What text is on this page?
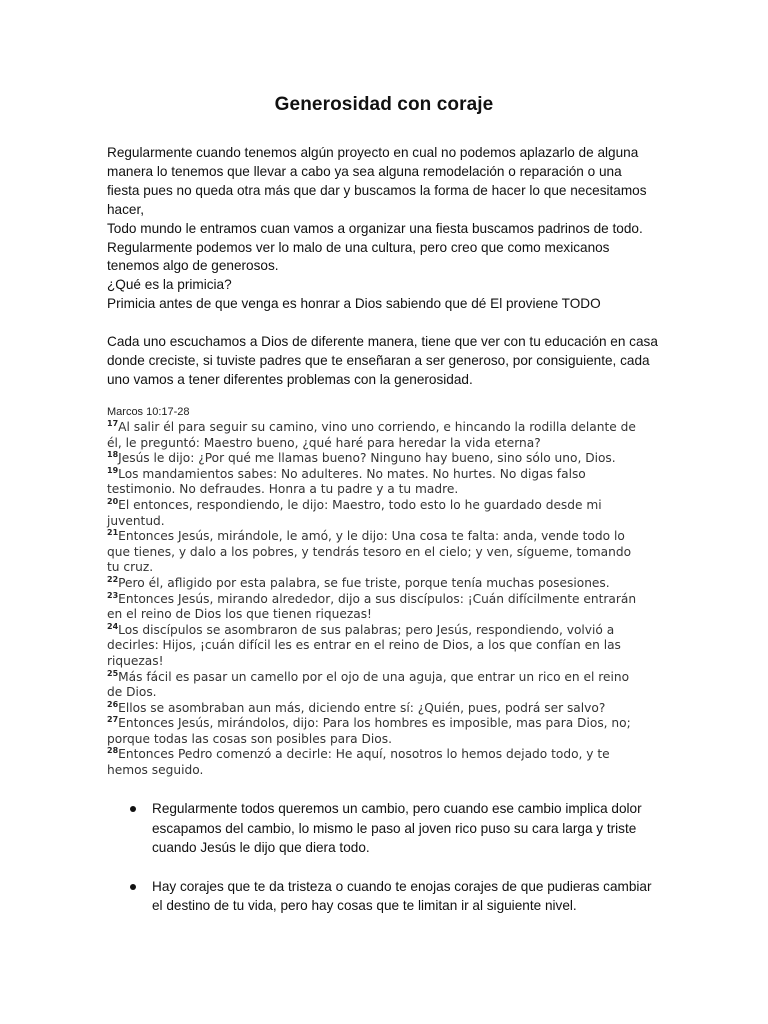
Generosidad con coraje
Regularmente cuando tenemos algún proyecto en cual no podemos aplazarlo de alguna
manera lo tenemos que llevar a cabo ya sea alguna remodelación o reparación o una
fiesta pues no queda otra más que dar y buscamos la forma de hacer lo que necesitamos
hacer,
Todo mundo le entramos cuan vamos a organizar una fiesta buscamos padrinos de todo.
Regularmente podemos ver lo malo de una cultura, pero creo que como mexicanos
tenemos algo de generosos.
¿Qué es la primicia?
Primicia antes de que venga es honrar a Dios sabiendo que dé El proviene TODO
Cada uno escuchamos a Dios de diferente manera, tiene que ver con tu educación en casa
donde creciste, si tuviste padres que te enseñaran a ser generoso, por consiguiente, cada
uno vamos a tener diferentes problemas con la generosidad.
Marcos 10:17-28
$^{17}$Al salir él para seguir su camino, vino uno corriendo, e hincando la rodilla delante de
él, le preguntó: Maestro bueno, ¿qué haré para heredar la vida eterna?
$^{18}$Jesús le dijo: ¿Por qué me llamas bueno? Ninguno hay bueno, sino sólo uno, Dios.
$^{19}$Los mandamientos sabes: No adulteres. No mates. No hurtes. No digas falso
testimonio. No defraudes. Honra a tu padre y a tu madre.
$^{20}$El entonces, respondiendo, le dijo: Maestro, todo esto lo he guardado desde mi
juventud.
$^{21}$Entonces Jesús, mirándole, le amó, y le dijo: Una cosa te falta: anda, vende todo lo
que tienes, y dalo a los pobres, y tendrás tesoro en el cielo; y ven, sígueme, tomando
tu cruz.
$^{22}$Pero él, afligido por esta palabra, se fue triste, porque tenía muchas posesiones.
$^{23}$Entonces Jesús, mirando alrededor, dijo a sus discípulos: ¡Cuán difícilmente entrarán
en el reino de Dios los que tienen riquezas!
$^{24}$Los discípulos se asombraron de sus palabras; pero Jesús, respondiendo, volvió a
decirles: Hijos, ¡cuán difícil les es entrar en el reino de Dios, a los que confían en las
riquezas!
$^{25}$Más fácil es pasar un camello por el ojo de una aguja, que entrar un rico en el reino
de Dios.
$^{26}$Ellos se asombraban aun más, diciendo entre sí: ¿Quién, pues, podrá ser salvo?
$^{27}$Entonces Jesús, mirándolos, dijo: Para los hombres es imposible, mas para Dios, no;
porque todas las cosas son posibles para Dios.
$^{28}$Entonces Pedro comenzó a decirle: He aquí, nosotros lo hemos dejado todo, y te
hemos seguido.
Regularmente todos queremos un cambio, pero cuando ese cambio implica dolor
escapamos del cambio, lo mismo le paso al joven rico puso su cara larga y triste
cuando Jesús le dijo que diera todo.
Hay corajes que te da tristeza o cuando te enojas corajes de que pudieras cambiar
el destino de tu vida, pero hay cosas que te limitan ir al siguiente nivel.
